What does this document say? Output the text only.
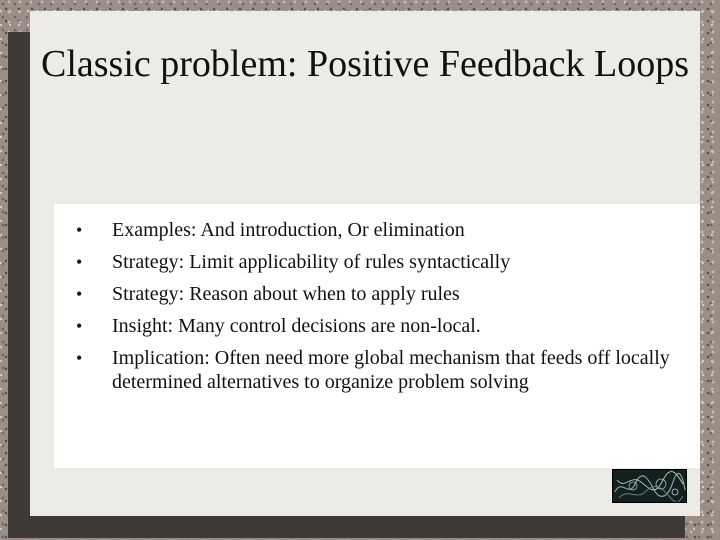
Classic problem: Positive Feedback Loops
• Examples: And introduction, Or elimination
• Strategy: Limit applicability of rules syntactically
• Strategy: Reason about when to apply rules
• Insight: Many control decisions are non-local.
• Implication: Often need more global mechanism that feeds off locally determined alternatives to organize problem solving
